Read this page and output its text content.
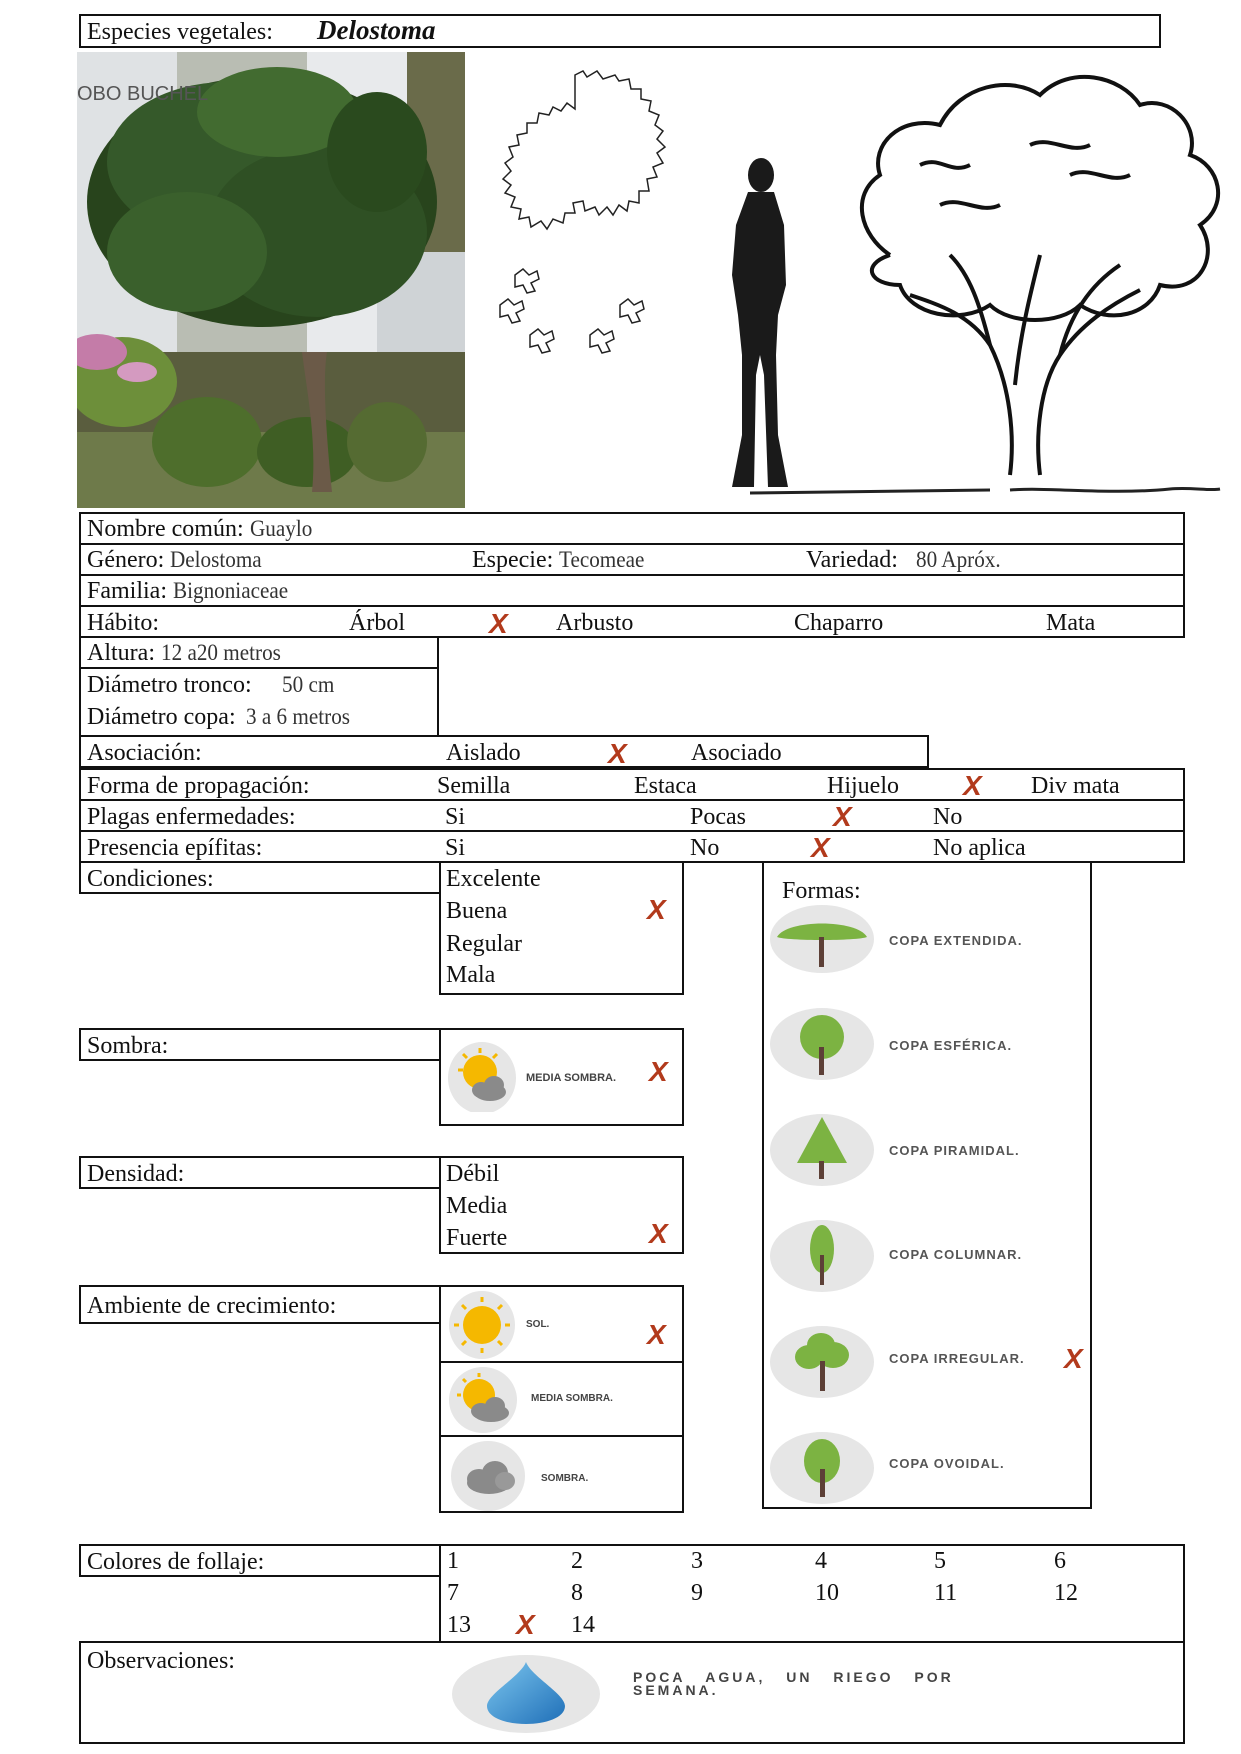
Especies vegetales: Delostoma
OBO BUCHEL
Nombre común: Guaylo
Género: Delostoma	Especie: Tecomeae	Variedad: 80 Apróx.
Familia: Bignoniaceae
Hábito:	Árbol	X Arbusto	Chaparro	Mata
Altura: 12 a20 metros
Diámetro tronco: 50 cm
Diámetro copa: 3 a 6 metros
Asociación:	Aislado	X	Asociado
Forma de propagación:	Semilla	Estaca	Hijuelo X Div mata
Plagas enfermedades:	Si	Pocas	X	No
Presencia epífitas:	Si	No	X	No aplica
Condiciones:	Excelente
Buena	X
Regular
Mala
Sombra:
MEDIA SOMBRA. X
Densidad:	Débil
Media
Fuerte	X
Ambiente de crecimiento:
SOL.	X
MEDIA SOMBRA.
SOMBRA.
Formas:
COPA EXTENDIDA.
COPA ESFÉRICA.
COPA PIRAMIDAL.
COPA COLUMNAR.
COPA IRREGULAR. X
COPA OVOIDAL.
Colores de follaje:	1	2	3	4	5	6
7	8	9	10	11	12
13 X 14
Observaciones:
POCA AGUA, UN RIEGO POR SEMANA.
